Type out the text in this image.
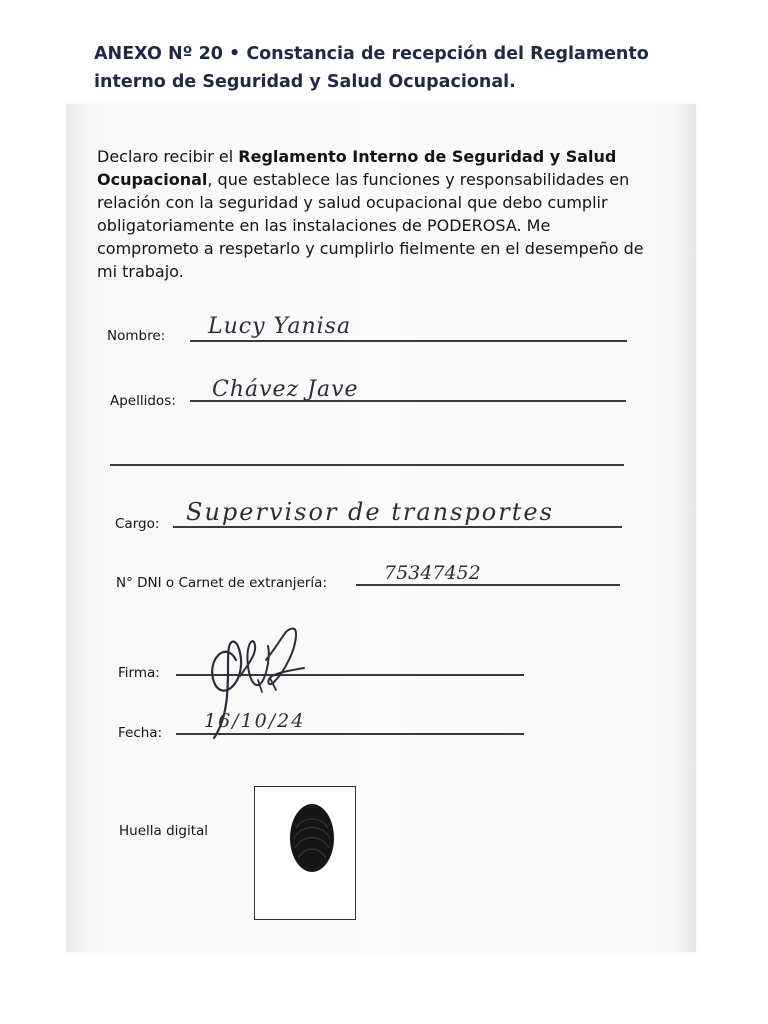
ANEXO Nº 20 • Constancia de recepción del Reglamento interno de Seguridad y Salud Ocupacional.
Declaro recibir el Reglamento Interno de Seguridad y Salud Ocupacional, que establece las funciones y responsabilidades en relación con la seguridad y salud ocupacional que debo cumplir obligatoriamente en las instalaciones de PODEROSA. Me comprometo a respetarlo y cumplirlo fielmente en el desempeño de mi trabajo.
Nombre: Lucy Yanisa
Apellidos: Chávez Jave
Cargo: Supervisor de transportes
N° DNI o Carnet de extranjería:	75347452
Firma:
Fecha:
16/10/24
Huella digital
